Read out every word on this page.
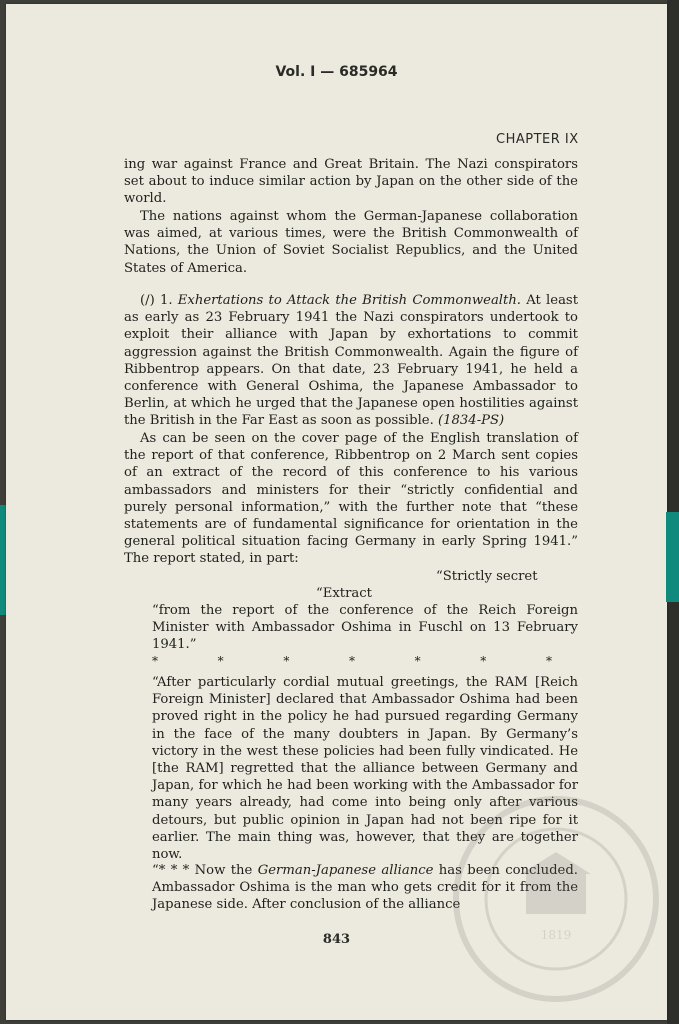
Vol. I — 685964
CHAPTER IX
ing war against France and Great Britain. The Nazi conspirators set about to induce similar action by Japan on the other side of the world.
The nations against whom the German-Japanese collaboration was aimed, at various times, were the British Commonwealth of Nations, the Union of Soviet Socialist Republics, and the United States of America.
(/) 1. Exhertations to Attack the British Commonwealth. At least as early as 23 February 1941 the Nazi conspirators undertook to exploit their alliance with Japan by exhortations to commit aggression against the British Commonwealth. Again the figure of Ribbentrop appears. On that date, 23 February 1941, he held a conference with General Oshima, the Japanese Ambassador to Berlin, at which he urged that the Japanese open hostilities against the British in the Far East as soon as possible. (1834-PS)
As can be seen on the cover page of the English translation of the report of that conference, Ribbentrop on 2 March sent copies of an extract of the record of this conference to his various ambassadors and ministers for their “strictly confidential and purely personal information,” with the further note that “these statements are of fundamental significance for orientation in the general political situation facing Germany in early Spring 1941.” The report stated, in part:
“Strictly secret
“Extract
“from the report of the conference of the Reich Foreign Minister with Ambassador Oshima in Fuschl on 13 February 1941.”
*	*	*	*	*	*	*
“After particularly cordial mutual greetings, the RAM [Reich Foreign Minister] declared that Ambassador Oshima had been proved right in the policy he had pursued regarding Germany in the face of the many doubters in Japan. By Germany’s victory in the west these policies had been fully vindicated. He [the RAM] regretted that the alliance between Germany and Japan, for which he had been working with the Ambassador for many years already, had come into being only after various detours, but public opinion in Japan had not been ripe for it earlier. The main thing was, however, that they are together now.
“* * * Now the German-Japanese alliance has been concluded. Ambassador Oshima is the man who gets credit for it from the Japanese side. After conclusion of the alliance
843	1819
